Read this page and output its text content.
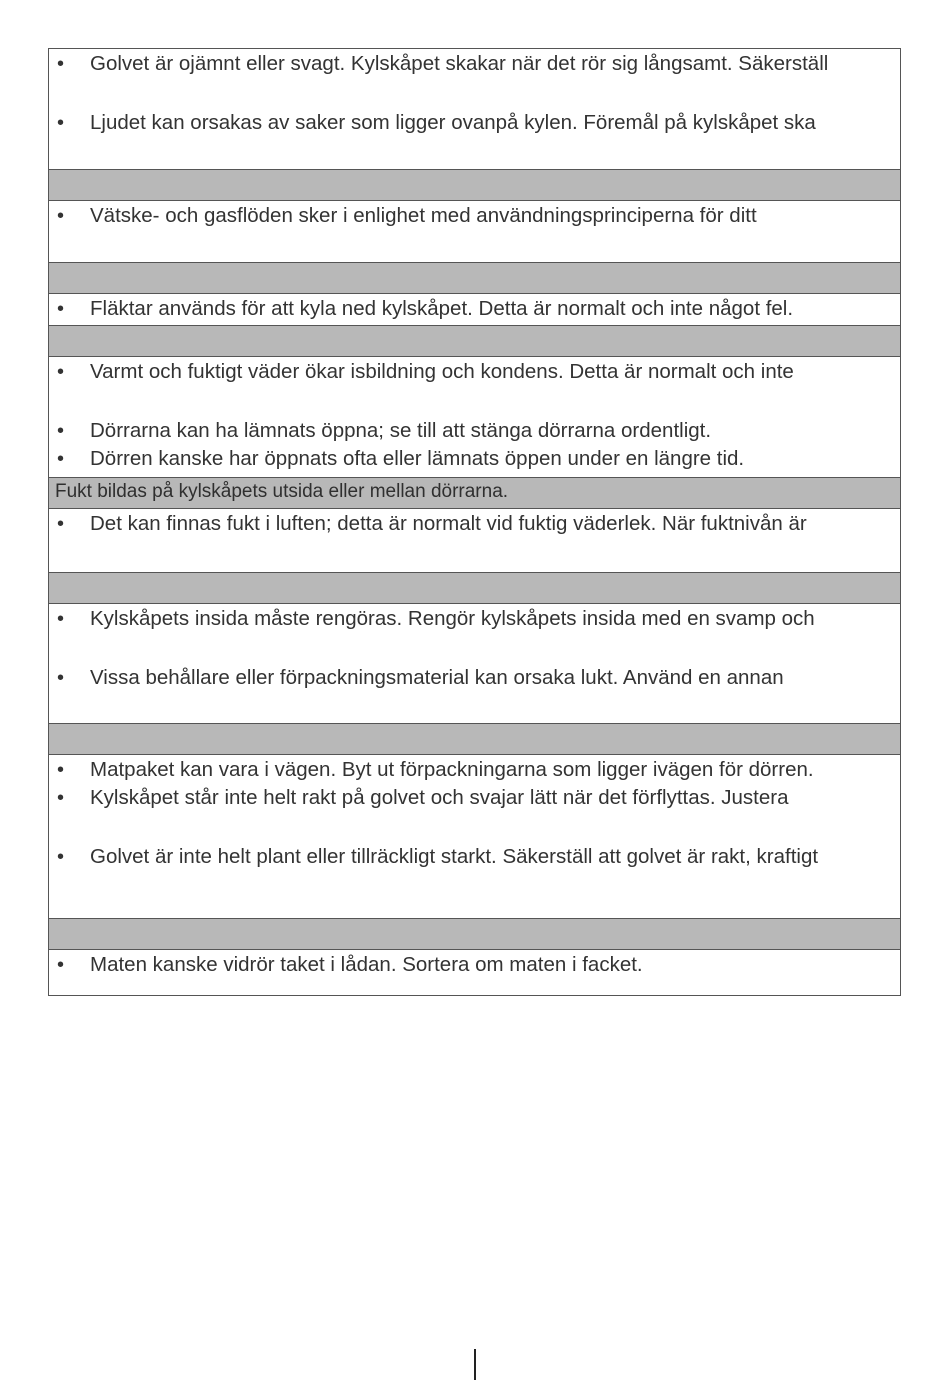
• Golvet är ojämnt eller svagt. Kylskåpet skakar när det rör sig långsamt. Säkerställ
• Ljudet kan orsakas av saker som ligger ovanpå kylen. Föremål på kylskåpet ska
• Vätske- och gasflöden sker i enlighet med användningsprinciperna för ditt
• Fläktar används för att kyla ned kylskåpet. Detta är normalt och inte något fel.
• Varmt och fuktigt väder ökar isbildning och kondens. Detta är normalt och inte
• Dörrarna kan ha lämnats öppna; se till att stänga dörrarna ordentligt.
• Dörren kanske har öppnats ofta eller lämnats öppen under en längre tid.
Fukt bildas på kylskåpets utsida eller mellan dörrarna.
• Det kan finnas fukt i luften; detta är normalt vid fuktig väderlek. När fuktnivån är
• Kylskåpets insida måste rengöras. Rengör kylskåpets insida med en svamp och
• Vissa behållare eller förpackningsmaterial kan orsaka lukt. Använd en annan
• Matpaket kan vara i vägen. Byt ut förpackningarna som ligger ivägen för dörren.
• Kylskåpet står inte helt rakt på golvet och svajar lätt när det förflyttas. Justera
• Golvet är inte helt plant eller tillräckligt starkt. Säkerställ att golvet är rakt, kraftigt
• Maten kanske vidrör taket i lådan. Sortera om maten i facket.
